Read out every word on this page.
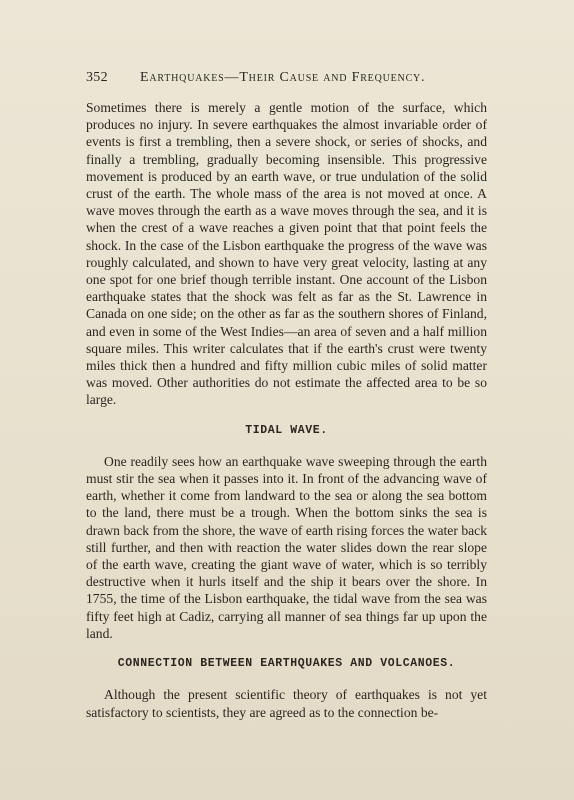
352 Earthquakes—Their Cause and Frequency.

Sometimes there is merely a gentle motion of the surface, which produces no injury. In severe earthquakes the almost invariable order of events is first a trembling, then a severe shock, or series of shocks, and finally a trembling, gradually becoming insensible. This progressive movement is produced by an earth wave, or true undulation of the solid crust of the earth. The whole mass of the area is not moved at once. A wave moves through the earth as a wave moves through the sea, and it is when the crest of a wave reaches a given point that that point feels the shock. In the case of the Lisbon earthquake the progress of the wave was roughly calculated, and shown to have very great velocity, lasting at any one spot for one brief though terrible instant. One account of the Lisbon earthquake states that the shock was felt as far as the St. Lawrence in Canada on one side; on the other as far as the southern shores of Finland, and even in some of the West Indies—an area of seven and a half million square miles. This writer calculates that if the earth's crust were twenty miles thick then a hundred and fifty million cubic miles of solid matter was moved. Other authorities do not estimate the affected area to be so large.

TIDAL WAVE.

One readily sees how an earthquake wave sweeping through the earth must stir the sea when it passes into it. In front of the advancing wave of earth, whether it come from landward to the sea or along the sea bottom to the land, there must be a trough. When the bottom sinks the sea is drawn back from the shore, the wave of earth rising forces the water back still further, and then with reaction the water slides down the rear slope of the earth wave, creating the giant wave of water, which is so terribly destructive when it hurls itself and the ship it bears over the shore. In 1755, the time of the Lisbon earthquake, the tidal wave from the sea was fifty feet high at Cadiz, carrying all manner of sea things far up upon the land.

CONNECTION BETWEEN EARTHQUAKES AND VOLCANOES.

Although the present scientific theory of earthquakes is not yet satisfactory to scientists, they are agreed as to the connection be-
